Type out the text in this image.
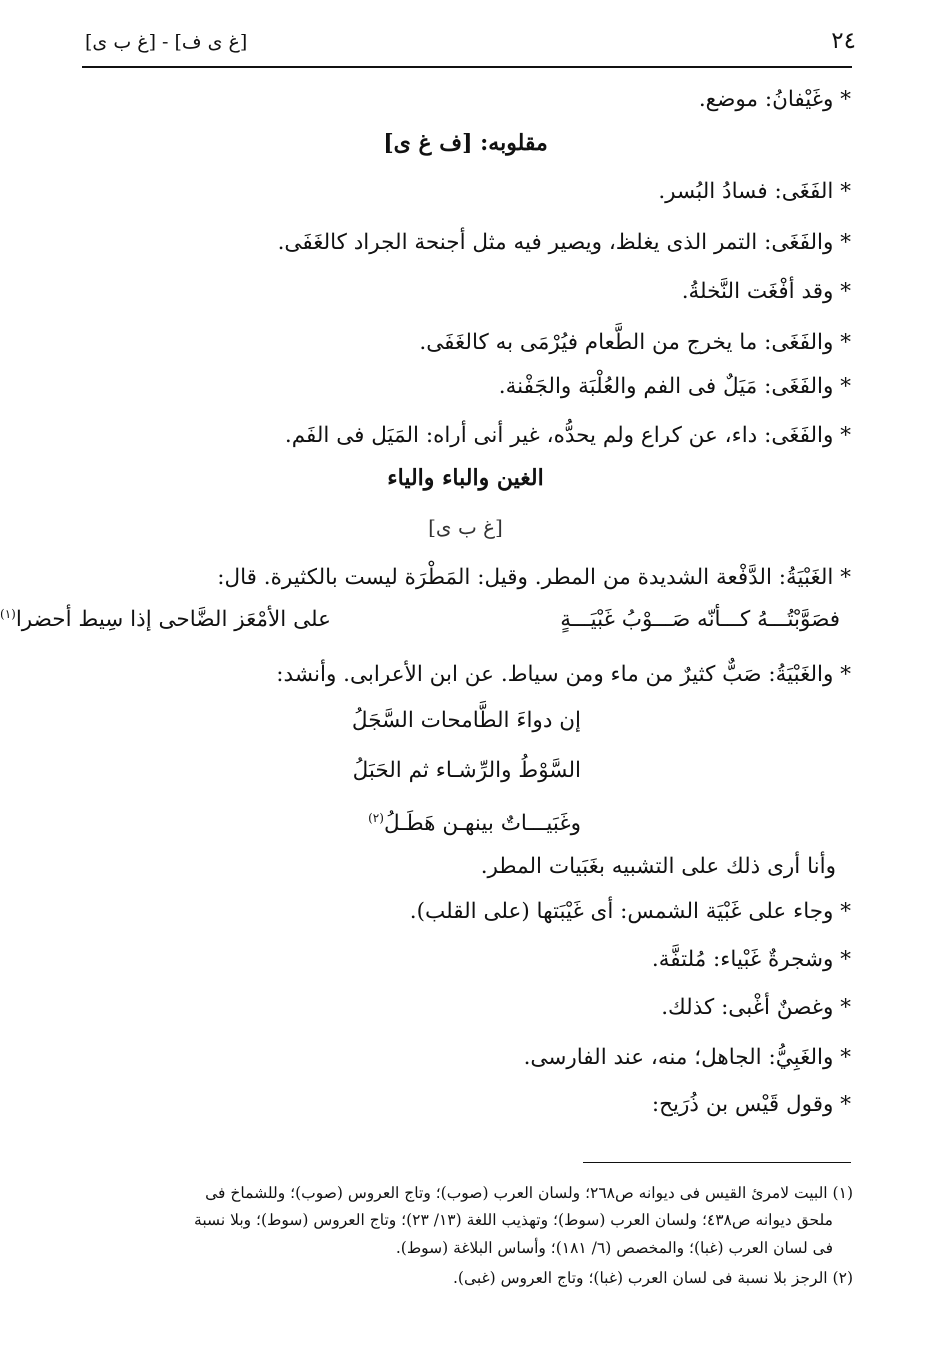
٢٤
[غ ى ف] - [غ ب ى]
* وغَيْفانُ: موضع.
مقلوبه: [ف غ ى]
* الفَغَى: فسادُ البُسر.
* والفَغَى: التمر الذى يغلظ، ويصير فيه مثل أجنحة الجراد كالغَفَى.
* وقد أفْغَت النَّخلةُ.
* والفَغَى: ما يخرج من الطَّعام فيُرْمَى به كالغَفَى.
* والفَغَى: مَيَلٌ فى الفم والعُلْبَة والجَفْنة.
* والفَغَى: داء، عن كراع ولم يحدُّه، غير أنى أراه: المَيَل فى الفَم.
الغين والباء والياء
[غ ب ى]
* الغَبْيَةُ: الدَّفْعة الشديدة من المطر. وقيل: المَطْرَة ليست بالكثيرة. قال:
فصَوَّبْتُـــهُ كـــأنّه صَـــوْبُ غَبْيَـــةٍ
على الأمْعَز الضَّاحى إذا سِيط أحضرا$^{(١)}$
* والغَبْيَةُ: صَبٌّ كثيرٌ من ماء ومن سياط. عن ابن الأعرابى. وأنشد:
إن دواءَ الطَّامحات السَّجَلُ
السَّوْطُ والرِّشـاء ثم الحَبَلُ
وغَبَيـــاتٌ بينهـن هَطَـلُ$^{(٢)}$
وأنا أرى ذلك على التشبيه بغَبَيات المطر.
* وجاء على غَبْيَة الشمس: أى غَيْبَتها (على القلب).
* وشجرةٌ غَبْياء: مُلتفَّة.
* وغصنٌ أغْبى: كذلك.
* والغَبِيُّ: الجاهل؛ منه، عند الفارسى.
* وقول قَيْس بن ذُرَيح:
(١) البيت لامرئ القيس فى ديوانه ص٢٦٨؛ ولسان العرب (صوب)؛ وتاج العروس (صوب)؛ وللشماخ فى
ملحق ديوانه ص٤٣٨؛ ولسان العرب (سوط)؛ وتهذيب اللغة (١٣/ ٢٣)؛ وتاج العروس (سوط)؛ وبلا نسبة
فى لسان العرب (غبا)؛ والمخصص (٦/ ١٨١)؛ وأساس البلاغة (سوط).
(٢) الرجز بلا نسبة فى لسان العرب (غبا)؛ وتاج العروس (غبى).
